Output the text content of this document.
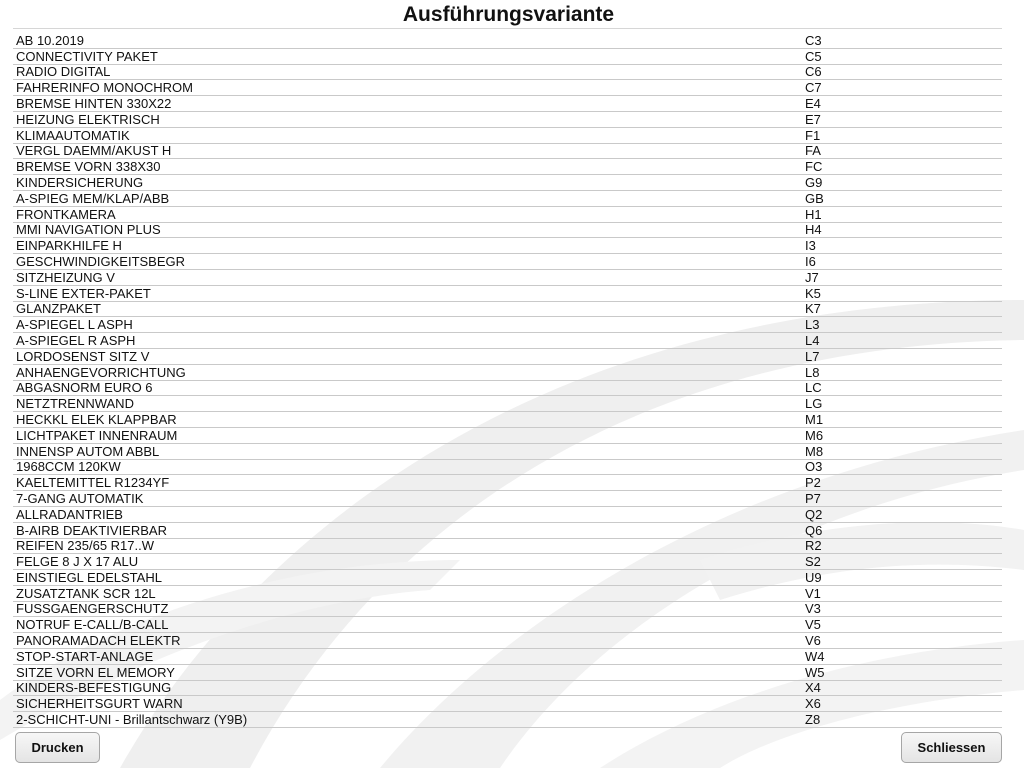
Ausführungsvariante
AB 10.2019	C3
CONNECTIVITY PAKET	C5
RADIO DIGITAL	C6
FAHRERINFO MONOCHROM	C7
BREMSE HINTEN 330X22	E4
HEIZUNG ELEKTRISCH	E7
KLIMAAUTOMATIK	F1
VERGL DAEMM/AKUST H	FA
BREMSE VORN 338X30	FC
KINDERSICHERUNG	G9
A-SPIEG MEM/KLAP/ABB	GB
FRONTKAMERA	H1
MMI NAVIGATION PLUS	H4
EINPARKHILFE H	I3
GESCHWINDIGKEITSBEGR	I6
SITZHEIZUNG V	J7
S-LINE EXTER-PAKET	K5
GLANZPAKET	K7
A-SPIEGEL L ASPH	L3
A-SPIEGEL R ASPH	L4
LORDOSENST SITZ V	L7
ANHAENGEVORRICHTUNG	L8
ABGASNORM EURO 6	LC
NETZTRENNWAND	LG
HECKKL ELEK KLAPPBAR	M1
LICHTPAKET INNENRAUM	M6
INNENSP AUTOM ABBL	M8
1968CCM 120KW	O3
KAELTEMITTEL R1234YF	P2
7-GANG AUTOMATIK	P7
ALLRADANTRIEB	Q2
B-AIRB DEAKTIVIERBAR	Q6
REIFEN 235/65 R17..W	R2
FELGE 8 J X 17 ALU	S2
EINSTIEGL EDELSTAHL	U9
ZUSATZTANK SCR 12L	V1
FUSSGAENGERSCHUTZ	V3
NOTRUF E-CALL/B-CALL	V5
PANORAMADACH ELEKTR	V6
STOP-START-ANLAGE	W4
SITZE VORN EL MEMORY	W5
KINDERS-BEFESTIGUNG	X4
SICHERHEITSGURT WARN	X6
2-SCHICHT-UNI - Brillantschwarz (Y9B)	Z8
Drucken	Schliessen
